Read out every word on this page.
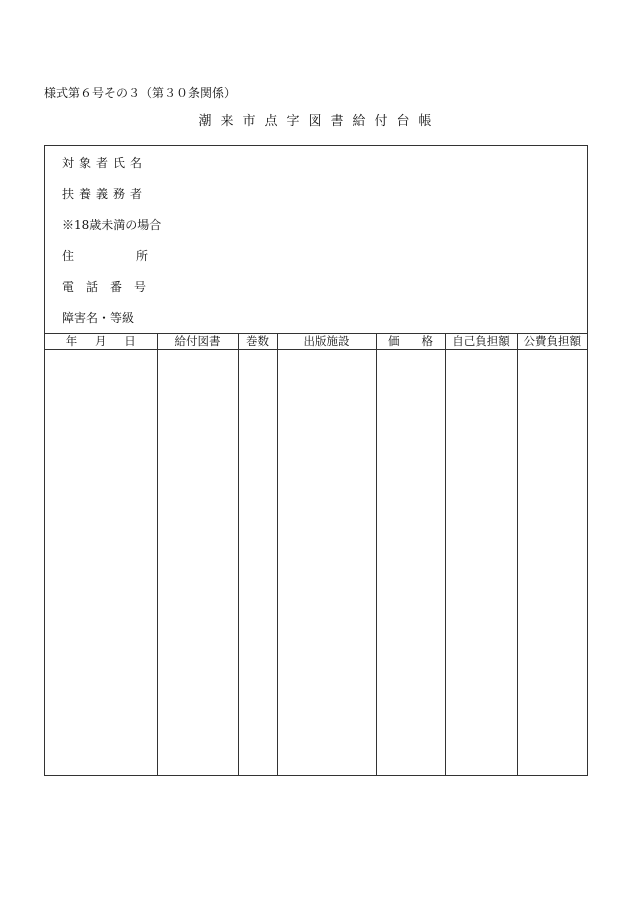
様式第６号その３（第３０条関係）
潮来市点字図書給付台帳
対象者氏名
扶養義務者
※18歳未満の場合
住	所
電話番号
障害名・等級
年 月 日	給付図書	巻数	出版施設	価 格	自己負担額	公費負担額
